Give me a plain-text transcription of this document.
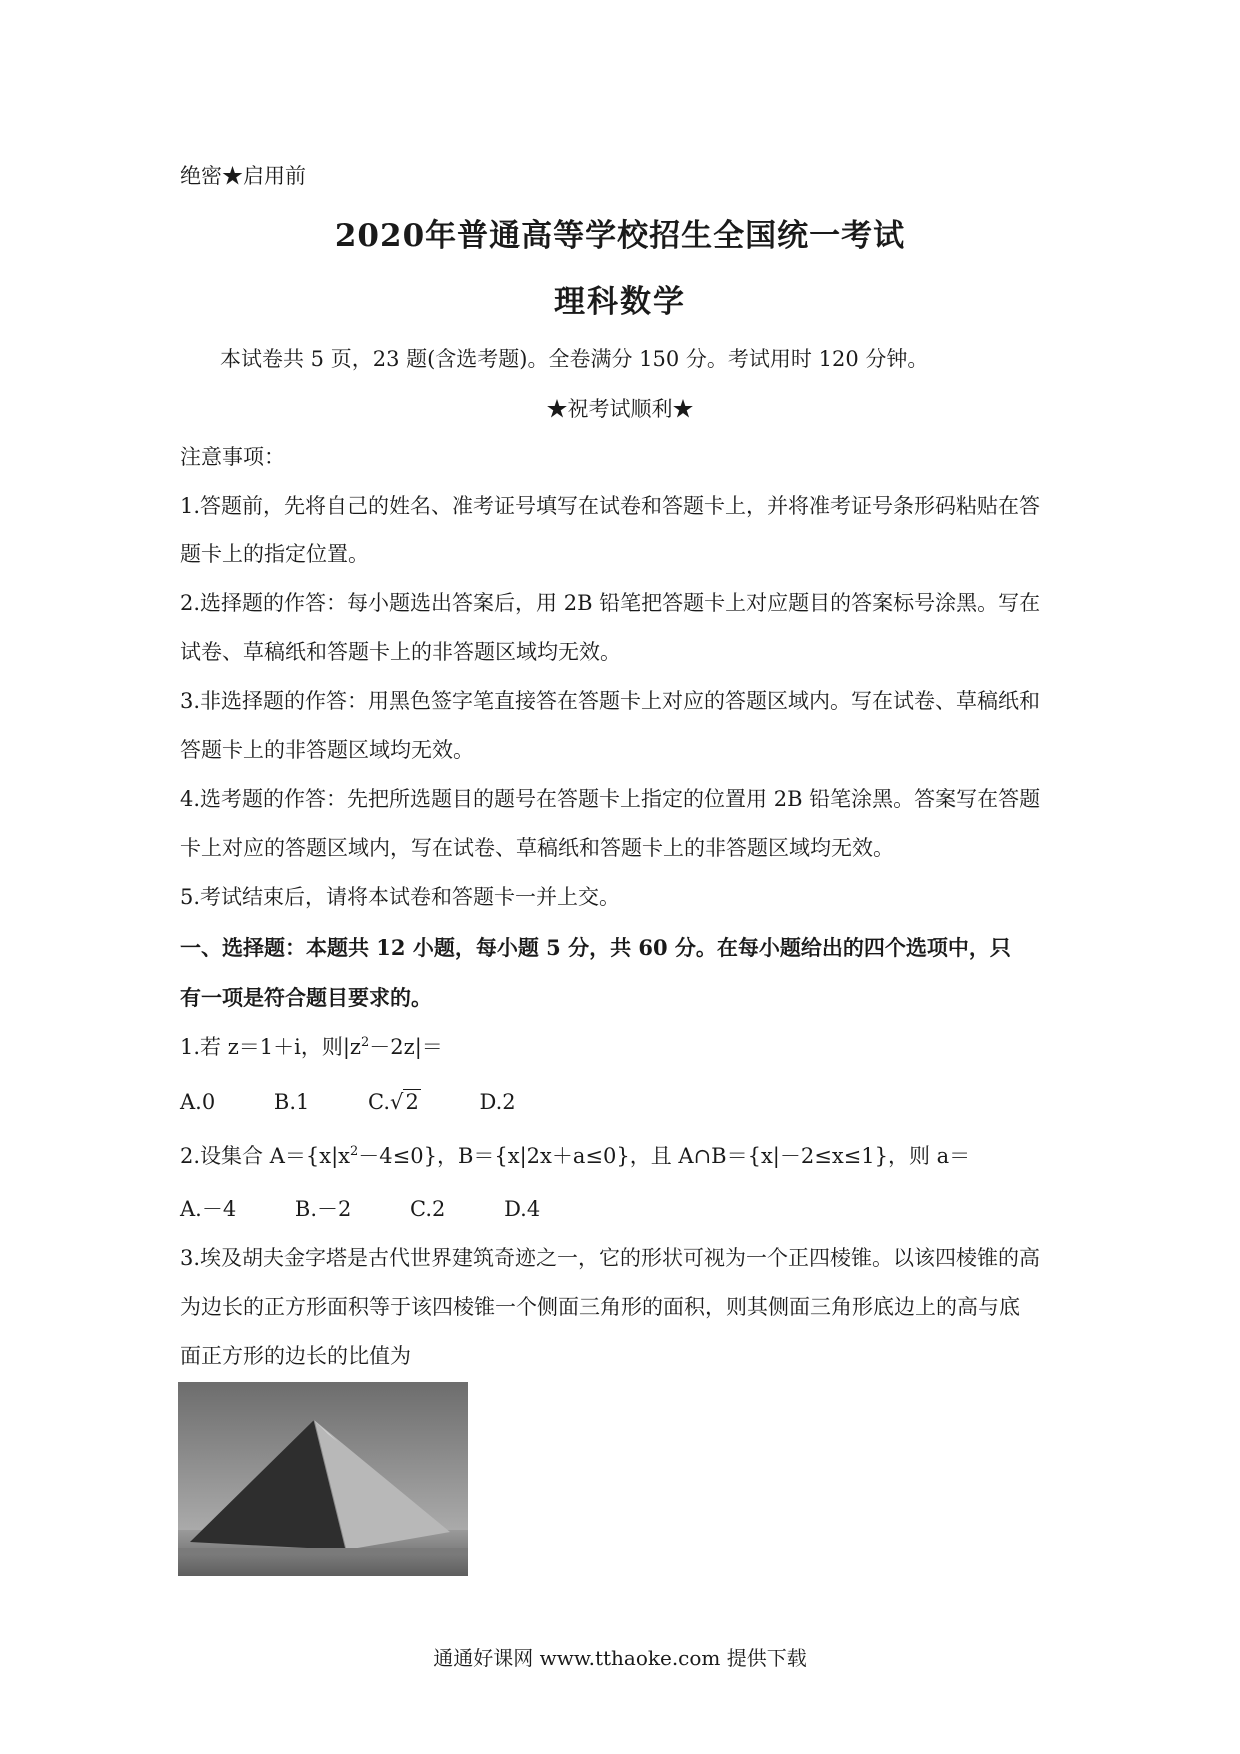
绝密★启用前
2020年普通高等学校招生全国统一考试
理科数学
本试卷共 5 页，23 题(含选考题)。全卷满分 150 分。考试用时 120 分钟。
★祝考试顺利★
注意事项：
1.答题前，先将自己的姓名、准考证号填写在试卷和答题卡上，并将准考证号条形码粘贴在答
题卡上的指定位置。
2.选择题的作答：每小题选出答案后，用 2B 铅笔把答题卡上对应题目的答案标号涂黑。写在
试卷、草稿纸和答题卡上的非答题区域均无效。
3.非选择题的作答：用黑色签字笔直接答在答题卡上对应的答题区域内。写在试卷、草稿纸和
答题卡上的非答题区域均无效。
4.选考题的作答：先把所选题目的题号在答题卡上指定的位置用 2B 铅笔涂黑。答案写在答题
卡上对应的答题区域内，写在试卷、草稿纸和答题卡上的非答题区域均无效。
5.考试结束后，请将本试卷和答题卡一并上交。
一、选择题：本题共 12 小题，每小题 5 分，共 60 分。在每小题给出的四个选项中，只
有一项是符合题目要求的。
1.若 z＝1＋i，则$|z^2-2z|=$
A.0	B.1	C.√2	D.2
2.设集合 $A=\{x|x^2-4\le 0\}$，B＝{x|2x＋a≤0}，且 A∩B＝{x|－2≤x≤1}，则 a＝
A.－4	B.－2	C.2	D.4
3.埃及胡夫金字塔是古代世界建筑奇迹之一，它的形状可视为一个正四棱锥。以该四棱锥的高
为边长的正方形面积等于该四棱锥一个侧面三角形的面积，则其侧面三角形底边上的高与底
面正方形的边长的比值为

通通好课网 www.tthaoke.com 提供下载
